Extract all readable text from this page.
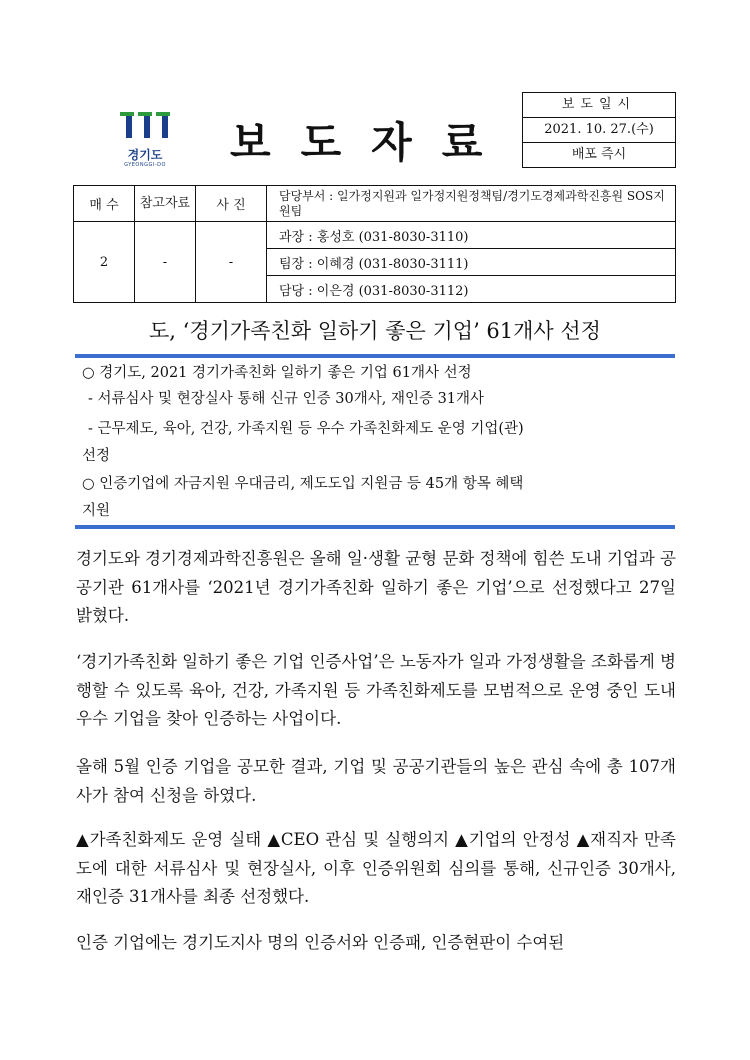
경기도
GYEONGGI-DO 보도자료
보도일시
2021. 10. 27.(수)
배포 즉시
매 수	참고자료	사 진	담당부서 : 일가정지원과 일가정지원정책팀/경기도경제과학진흥원 SOS지원팀
2	-	-	과장 : 홍성호 (031-8030-3110)
			팀장 : 이혜경 (031-8030-3111)
			담당 : 이은경 (031-8030-3112)
도, ‘경기가족친화 일하기 좋은 기업’ 61개사 선정
○ 경기도, 2021 경기가족친화 일하기 좋은 기업 61개사 선정
- 서류심사 및 현장실사 통해 신규 인증 30개사, 재인증 31개사
- 근무제도, 육아, 건강, 가족지원 등 우수 가족친화제도 운영 기업(관)
선정
○ 인증기업에 자금지원 우대금리, 제도도입 지원금 등 45개 항목 혜택
지원
경기도와 경기경제과학진흥원은 올해 일·생활 균형 문화 정책에 힘쓴 도내 기업과 공공기관 61개사를 ‘2021년 경기가족친화 일하기 좋은 기업’으로 선정했다고 27일 밝혔다.
‘경기가족친화 일하기 좋은 기업 인증사업’은 노동자가 일과 가정생활을 조화롭게 병행할 수 있도록 육아, 건강, 가족지원 등 가족친화제도를 모범적으로 운영 중인 도내 우수 기업을 찾아 인증하는 사업이다.
올해 5월 인증 기업을 공모한 결과, 기업 및 공공기관들의 높은 관심 속에 총 107개사가 참여 신청을 하였다.
▲가족친화제도 운영 실태 ▲CEO 관심 및 실행의지 ▲기업의 안정성 ▲재직자 만족도에 대한 서류심사 및 현장실사, 이후 인증위원회 심의를 통해, 신규인증 30개사, 재인증 31개사를 최종 선정했다.
인증 기업에는 경기도지사 명의 인증서와 인증패, 인증현판이 수여된
